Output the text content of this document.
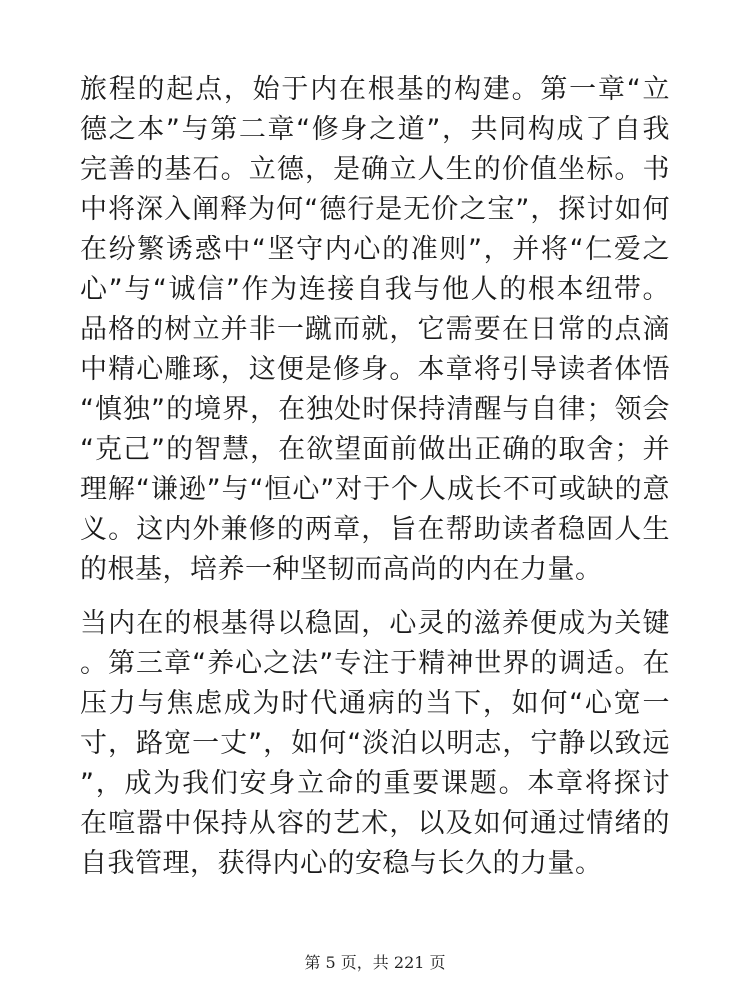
旅程的起点，始于内在根基的构建。第一章“立德之本”与第二章“修身之道”，共同构成了自我完善的基石。立德，是确立人生的价值坐标。书中将深入阐释为何“德行是无价之宝”，探讨如何在纷繁诱惑中“坚守内心的准则”，并将“仁爱之心”与“诚信”作为连接自我与他人的根本纽带。品格的树立并非一蹴而就，它需要在日常的点滴中精心雕琢，这便是修身。本章将引导读者体悟“慎独”的境界，在独处时保持清醒与自律；领会“克己”的智慧，在欲望面前做出正确的取舍；并理解“谦逊”与“恒心”对于个人成长不可或缺的意义。这内外兼修的两章，旨在帮助读者稳固人生的根基，培养一种坚韧而高尚的内在力量。

当内在的根基得以稳固，心灵的滋养便成为关键。第三章“养心之法”专注于精神世界的调适。在压力与焦虑成为时代通病的当下，如何“心宽一寸，路宽一丈”，如何“淡泊以明志，宁静以致远”，成为我们安身立命的重要课题。本章将探讨在喧嚣中保持从容的艺术，以及如何通过情绪的自我管理，获得内心的安稳与长久的力量。

第 5 页，共 221 页
